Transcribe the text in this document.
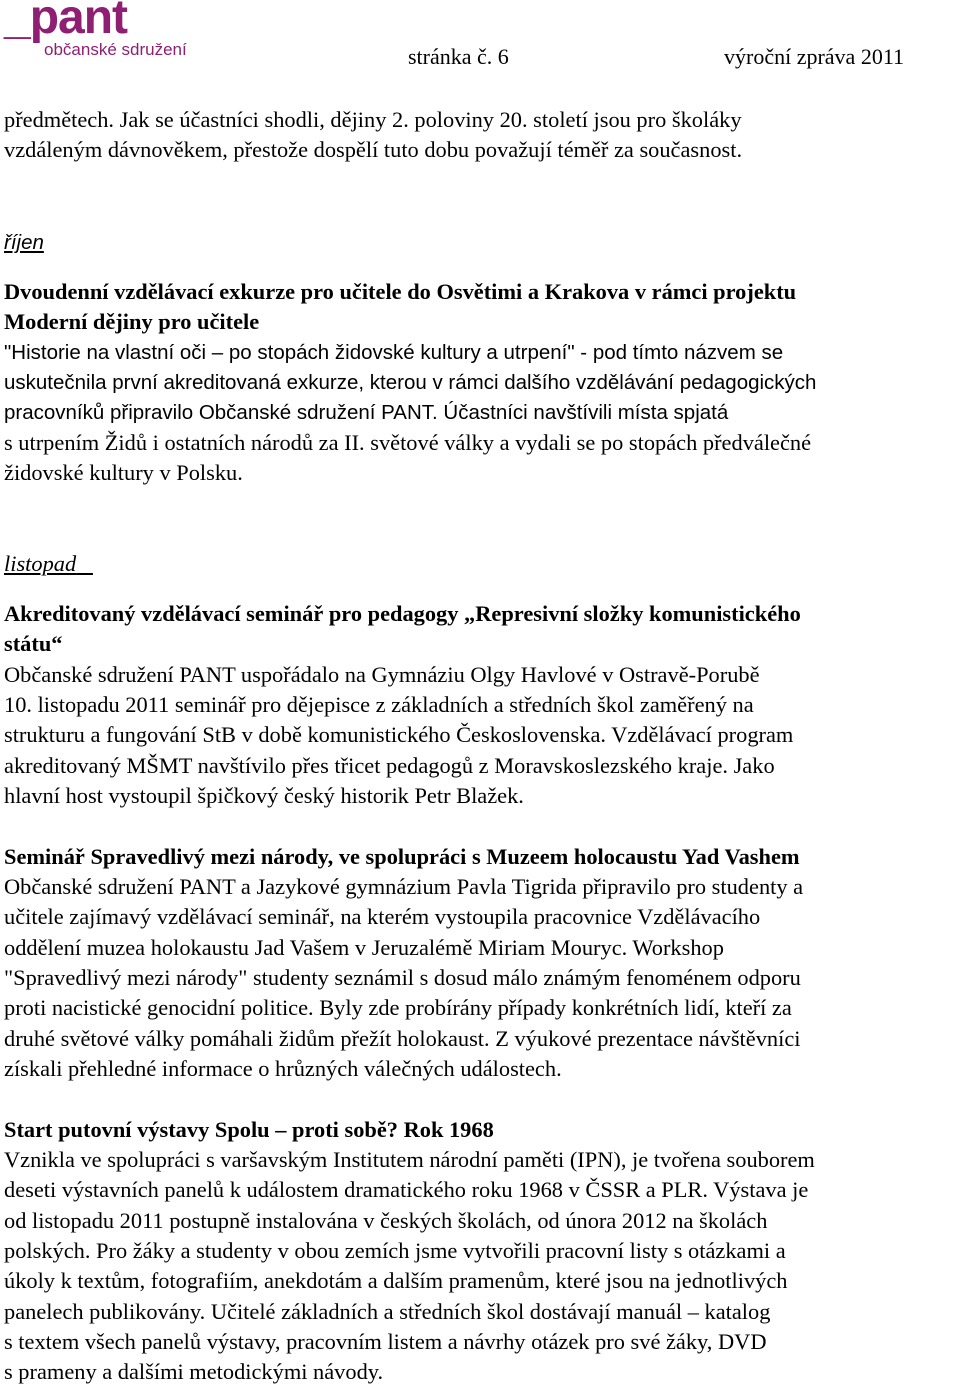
_pant
občanské sdružení	stránka č. 6	výroční zpráva 2011
předmětech. Jak se účastníci shodli, dějiny 2. poloviny 20. století jsou pro školáky
vzdáleným dávnověkem, přestože dospělí tuto dobu považují téměř za současnost.
říjen
Dvoudenní vzdělávací exkurze pro učitele do Osvětimi a Krakova v rámci projektu
Moderní dějiny pro učitele
"Historie na vlastní oči – po stopách židovské kultury a utrpení" - pod tímto názvem se
uskutečnila první akreditovaná exkurze, kterou v rámci dalšího vzdělávání pedagogických
pracovníků připravilo Občanské sdružení PANT. Účastníci navštívili místa spjatá
s utrpením Židů i ostatních národů za II. světové války a vydali se po stopách předválečné
židovské kultury v Polsku.
listopad
Akreditovaný vzdělávací seminář pro pedagogy „Represivní složky komunistického
státu“
Občanské sdružení PANT uspořádalo na Gymnáziu Olgy Havlové v Ostravě-Porubě
10. listopadu 2011 seminář pro dějepisce z základních a středních škol zaměřený na
strukturu a fungování StB v době komunistického Československa. Vzdělávací program
akreditovaný MŠMT navštívilo přes třicet pedagogů z Moravskoslezského kraje. Jako
hlavní host vystoupil špičkový český historik Petr Blažek.
Seminář Spravedlivý mezi národy, ve spolupráci s Muzeem holocaustu Yad Vashem
Občanské sdružení PANT a Jazykové gymnázium Pavla Tigrida připravilo pro studenty a
učitele zajímavý vzdělávací seminář, na kterém vystoupila pracovnice Vzdělávacího
oddělení muzea holokaustu Jad Vašem v Jeruzalémě Miriam Mouryc. Workshop
"Spravedlivý mezi národy" studenty seznámil s dosud málo známým fenoménem odporu
proti nacistické genocidní politice. Byly zde probírány případy konkrétních lidí, kteří za
druhé světové války pomáhali židům přežít holokaust. Z výukové prezentace návštěvníci
získali přehledné informace o hrůzných válečných událostech.
Start putovní výstavy Spolu – proti sobě? Rok 1968
Vznikla ve spolupráci s varšavským Institutem národní paměti (IPN), je tvořena souborem
deseti výstavních panelů k událostem dramatického roku 1968 v ČSSR a PLR. Výstava je
od listopadu 2011 postupně instalována v českých školách, od února 2012 na školách
polských. Pro žáky a studenty v obou zemích jsme vytvořili pracovní listy s otázkami a
úkoly k textům, fotografiím, anekdotám a dalším pramenům, které jsou na jednotlivých
panelech publikovány. Učitelé základních a středních škol dostávají manuál – katalog
s textem všech panelů výstavy, pracovním listem a návrhy otázek pro své žáky, DVD
s prameny a dalšími metodickými návody.
